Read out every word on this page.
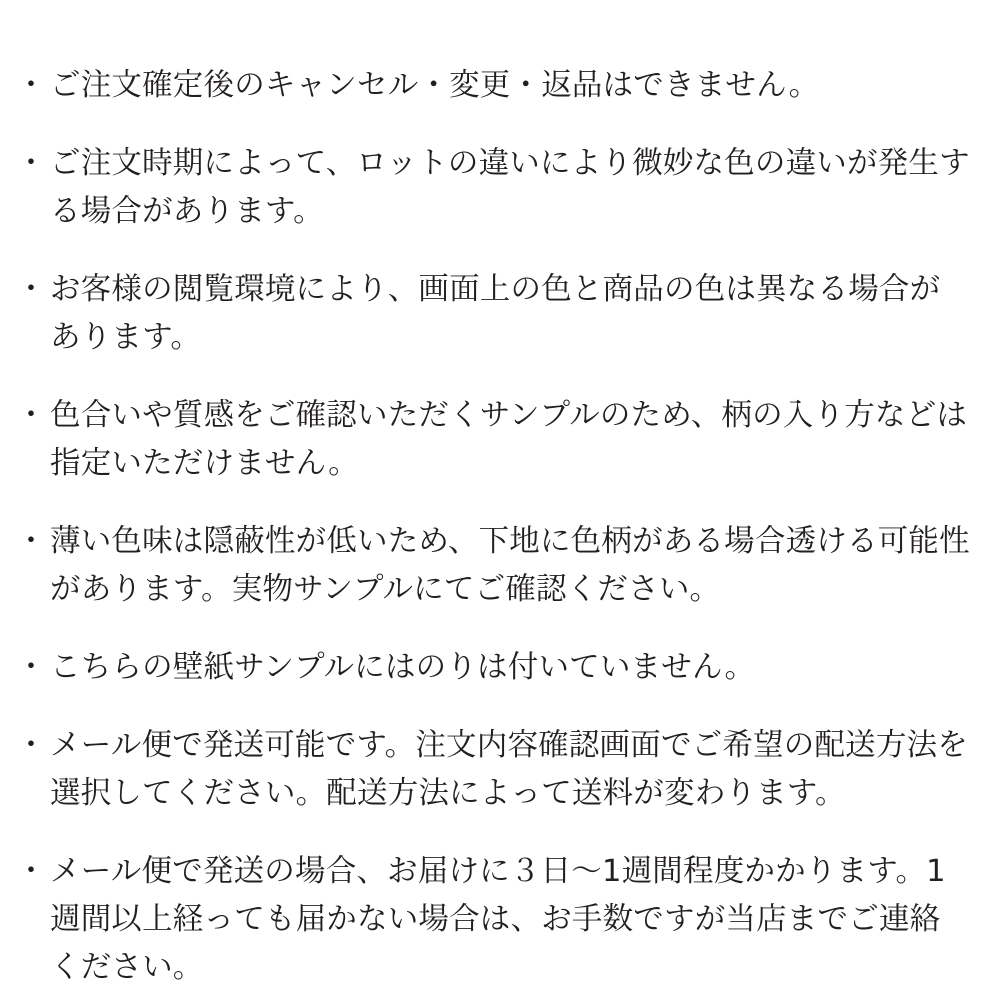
・ ご注文確定後のキャンセル・変更・返品はできません。
・ ご注文時期によって、ロットの違いにより微妙な色の違いが発生する場合があります。
・ お客様の閲覧環境により、画面上の色と商品の色は異なる場合があります。
・ 色合いや質感をご確認いただくサンプルのため、柄の入り方などは指定いただけません。
・ 薄い色味は隠蔽性が低いため、下地に色柄がある場合透ける可能性があります。実物サンプルにてご確認ください。
・ こちらの壁紙サンプルにはのりは付いていません。
・ メール便で発送可能です。注文内容確認画面でご希望の配送方法を選択してください。配送方法によって送料が変わります。
・ メール便で発送の場合、お届けに３日〜1週間程度かかります。1週間以上経っても届かない場合は、お手数ですが当店までご連絡ください。
